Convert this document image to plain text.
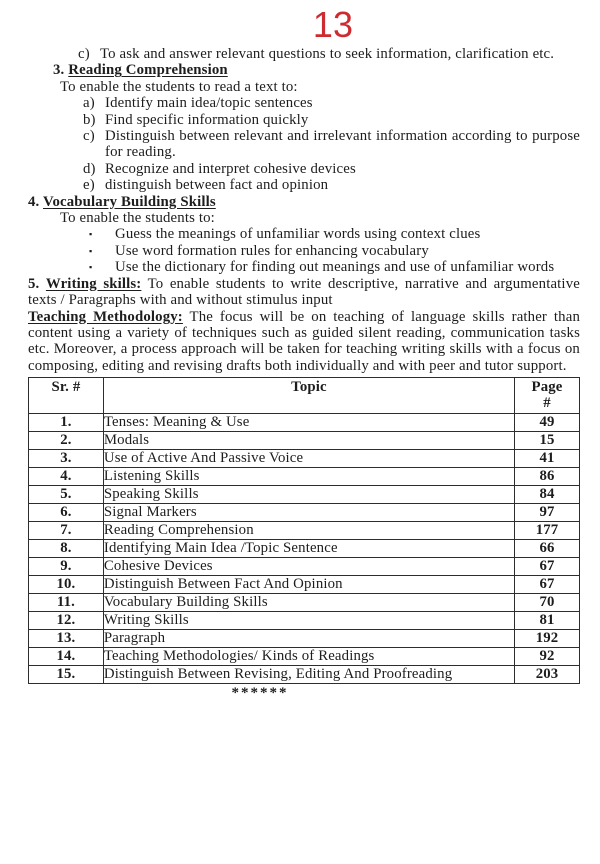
13

c) To ask and answer relevant questions to seek information, clarification etc.

3. Reading Comprehension

To enable the students to read a text to:

a) Identify main idea/topic sentences

b) Find specific information quickly

c) Distinguish between relevant and irrelevant information according to purpose for reading.

d) Recognize and interpret cohesive devices

e) distinguish between fact and opinion

4. Vocabulary Building Skills

To enable the students to:

▪ Guess the meanings of unfamiliar words using context clues

▪ Use word formation rules for enhancing vocabulary

▪ Use the dictionary for finding out meanings and use of unfamiliar words

5. Writing skills: To enable students to write descriptive, narrative and argumentative texts / Paragraphs with and without stimulus input

Teaching Methodology: The focus will be on teaching of language skills rather than content using a variety of techniques such as guided silent reading, communication tasks etc. Moreover, a process approach will be taken for teaching writing skills with a focus on composing, editing and revising drafts both individually and with peer and tutor support.

Sr. #	Topic	Page
#
1.	Tenses: Meaning & Use	49
2.	Modals	15
3.	Use of Active And Passive Voice	41
4.	Listening Skills	86
5.	Speaking Skills	84
6.	Signal Markers	97
7.	Reading Comprehension	177
8.	Identifying Main Idea /Topic Sentence	66
9.	Cohesive Devices	67
10.	Distinguish Between Fact And Opinion	67
11.	Vocabulary Building Skills	70
12.	Writing Skills	81
13.	Paragraph	192
14.	Teaching Methodologies/ Kinds of Readings	92
15.	Distinguish Between Revising, Editing And Proofreading	203
******
